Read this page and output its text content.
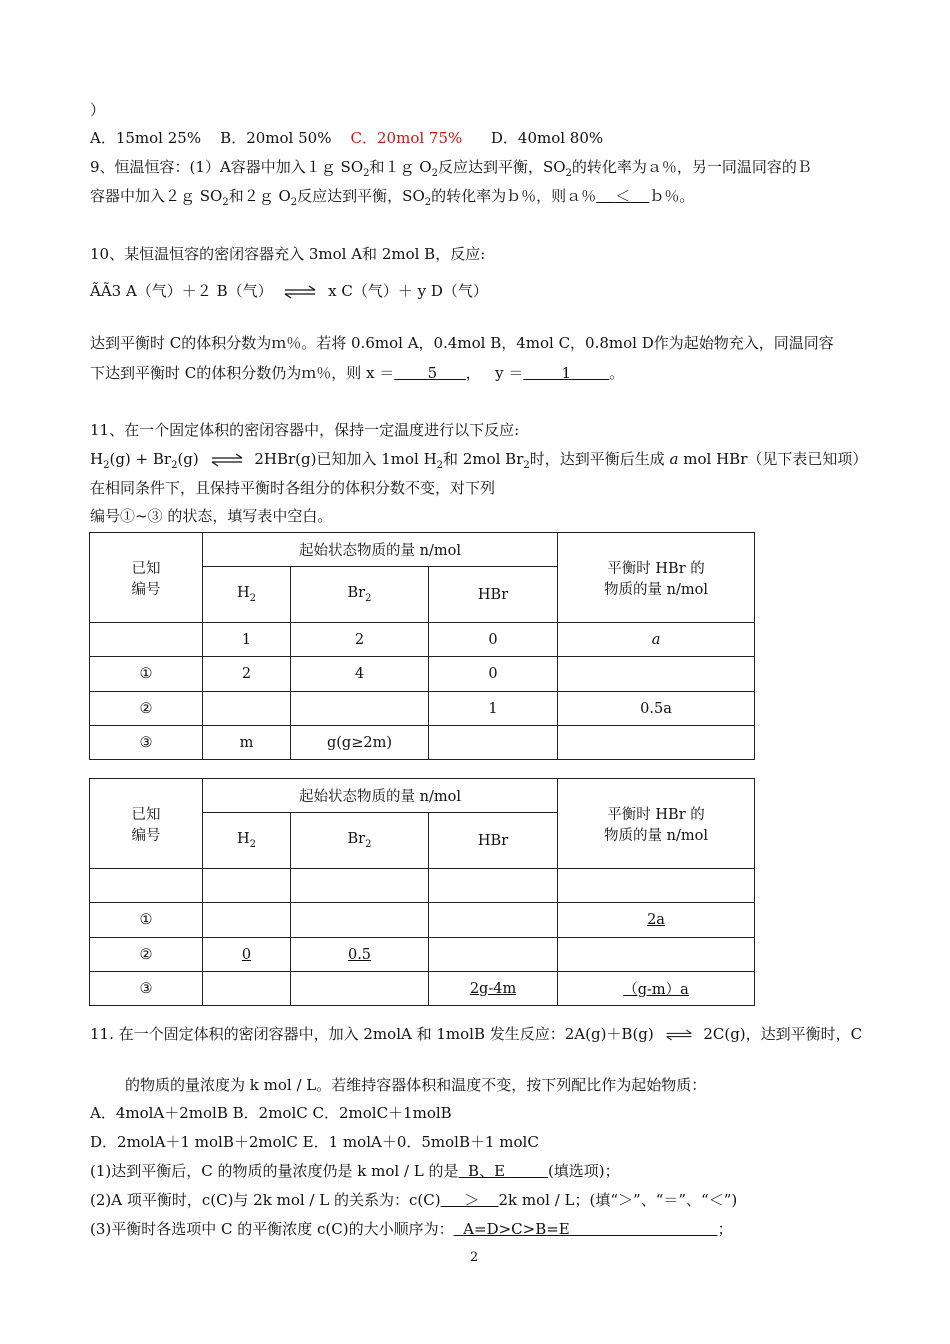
）
A．15mol 25% B．20mol 50% C．20mol 75% D．40mol 80%
9、恒温恒容：(1）A容器中加入１ｇ $SO_2$和１ｇ $O_2$反应达到平衡，$SO_2$的转化率为ａ％，另一同温同容的Ｂ
容器中加入２ｇ $SO_2$和２ｇ $O_2$反应达到平衡，$SO_2$的转化率为ｂ％，则ａ％ ＜ ｂ％。
10、某恒温恒容的密闭容器充入 3mol A和 2mol B，反应:
ÃÃ3 A（气）＋２ B（气） ⇌ x C（气）＋ y D（气）
达到平衡时 C的体积分数为ｍ％。若将 0.6mol A，0.4mol B，4mol C，0.8mol D作为起始物充入，同温同容
下达到平衡时 C的体积分数仍为ｍ％，则 x ＝ 5 ， y ＝	1	。
11、在一个固定体积的密闭容器中，保持一定温度进行以下反应:
$H_2(g) + Br_2(g)$ ⇌ 2HBr(g)已知加入 1mol $H_2$和 2mol $Br_2$时，达到平衡后生成 a mol HBr（见下表已知项）
在相同条件下，且保持平衡时各组分的体积分数不变，对下列
编号①~③ 的状态，填写表中空白。
已知
编号	起始状态物质的量 n/mol			平衡时 HBr 的
物质的量 n/mol
	$H_2$	$Br_2$	HBr	
	1	2	0	a
①	2	4	0	
②			1	0.5a
③	m	g(g≥2m)		
已知
编号	起始状态物质的量 n/mol			平衡时 HBr 的
物质的量 n/mol
	$H_2$	$Br_2$	HBr	

①				2a
②	0	0.5		
③			2g-4m	（g-m）a
11. 在一个固定体积的密闭容器中，加入 2molA 和 1molB 发生反应：2A(g)＋B(g) ⇌ 2C(g)，达到平衡时，C
的物质的量浓度为 k mol / L。若维持容器体积和温度不变，按下列配比作为起始物质：
A．4molA＋2molB B．2molC C．2molC＋1molB
D．2molA＋1 molB＋2molC E．1 molA＋0．5molB＋1 molC
(1)达到平衡后，C 的物质的量浓度仍是 k mol / L 的是 B、E	(填选项)；
(2)A 项平衡时，c(C)与 2k mol / L 的关系为：c(C) ＞ 2k mol / L；(填“＞”、“＝”、“＜”)
(3)平衡时各选项中 C 的平衡浓度 c(C)的大小顺序为： A=D>C>B=E	；
2
